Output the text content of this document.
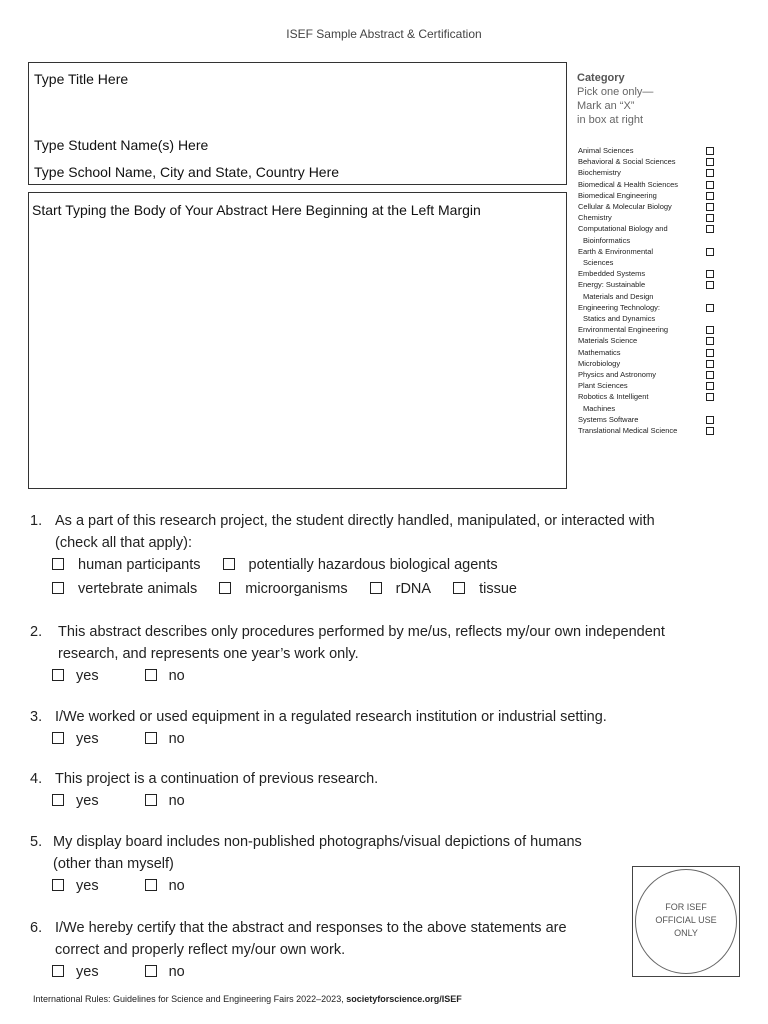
ISEF Sample Abstract & Certification
Type Title Here
Type Student Name(s) Here
Type School Name, City and State, Country Here
Start Typing the Body of Your Abstract Here Beginning at the Left Margin
Category
Pick one only—
Mark an “X”
in box at right
Animal Sciences
Behavioral & Social Sciences
Biochemistry
Biomedical & Health Sciences
Biomedical Engineering
Cellular & Molecular Biology
Chemistry
Computational Biology and
Bioinformatics
Earth & Environmental
Sciences
Embedded Systems
Energy: Sustainable
Materials and Design
Engineering Technology:
Statics and Dynamics
Environmental Engineering
Materials Science
Mathematics
Microbiology
Physics and Astronomy
Plant Sciences
Robotics & Intelligent
Machines
Systems Software
Translational Medical Science
1. As a part of this research project, the student directly handled, manipulated, or interacted with
(check all that apply):
human participants	potentially hazardous biological agents
vertebrate animals	microorganisms	rDNA	tissue
2. This abstract describes only procedures performed by me/us, reflects my/our own independent
research, and represents one year’s work only.
yes	no
3. I/We worked or used equipment in a regulated research institution or industrial setting.
yes	no
4. This project is a continuation of previous research.
yes	no
5. My display board includes non-published photographs/visual depictions of humans
(other than myself)
yes	no
6. I/We hereby certify that the abstract and responses to the above statements are
correct and properly reflect my/our own work.
yes	no
FOR ISEF
OFFICIAL USE
ONLY
International Rules: Guidelines for Science and Engineering Fairs 2022–2023, societyforscience.org/ISEF
